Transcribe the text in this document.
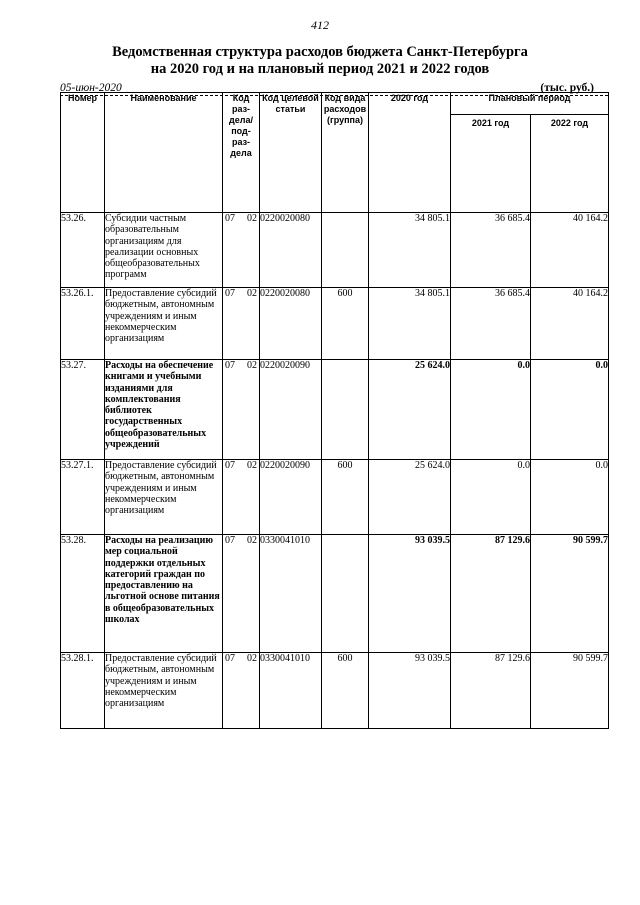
412
Ведомственная структура расходов бюджета Санкт-Петербурга
на 2020 год и на плановый период 2021 и 2022 годов
05-июн-2020	(тыс. руб.)
Номер	Наименование	Код раз-дела/ под-раз-дела	Код целевой статьи	Код вида расходов (группа)	2020 год	Плановый период	
						2021 год	2022 год
53.26.	Субсидии частным образовательным организациям для реализации основных общеобразовательных программ	07 02	0220020080		34 805.1	36 685.4	40 164.2
53.26.1.	Предоставление субсидий бюджетным, автономным учреждениям и иным некоммерческим организациям	07 02	0220020080	600	34 805.1	36 685.4	40 164.2
53.27.	Расходы на обеспечение книгами и учебными изданиями для комплектования библиотек государственных общеобразовательных учреждений	07 02	0220020090		25 624.0	0.0	0.0
53.27.1.	Предоставление субсидий бюджетным, автономным учреждениям и иным некоммерческим организациям	07 02	0220020090	600	25 624.0	0.0	0.0
53.28.	Расходы на реализацию мер социальной поддержки отдельных категорий граждан по предоставлению на льготной основе питания в общеобразовательных школах	07 02	0330041010		93 039.5	87 129.6	90 599.7
53.28.1.	Предоставление субсидий бюджетным, автономным учреждениям и иным некоммерческим организациям	07 02	0330041010	600	93 039.5	87 129.6	90 599.7
